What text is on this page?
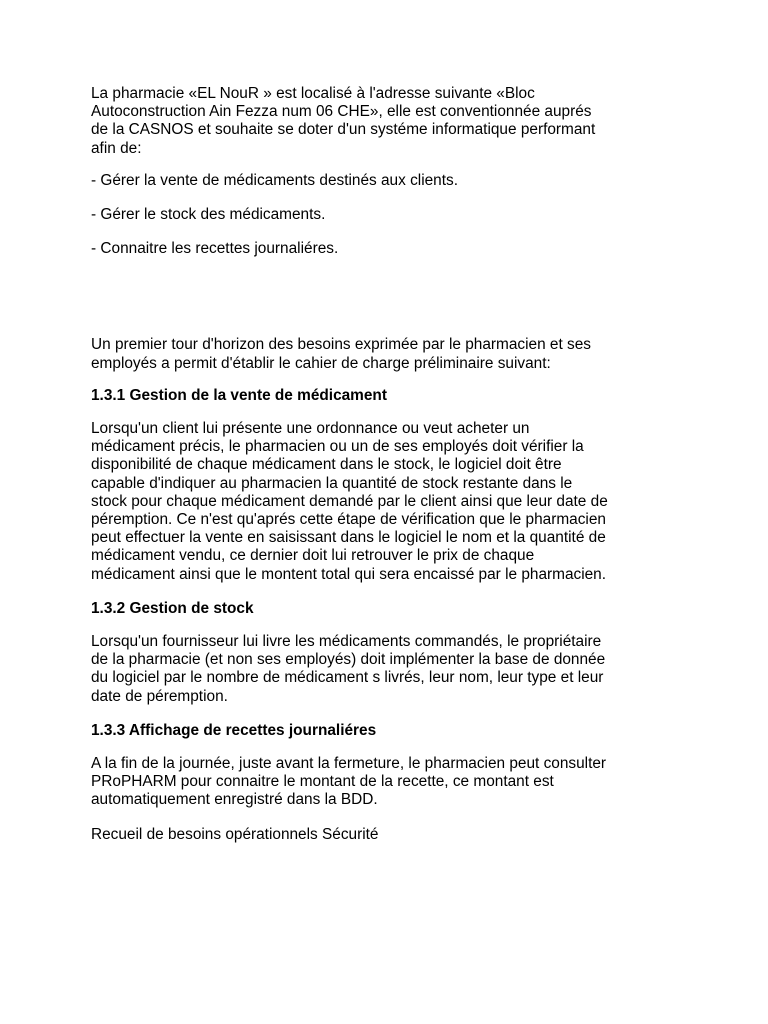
La pharmacie «EL NouR » est localisé à l'adresse suivante «Bloc
Autoconstruction Ain Fezza num 06 CHE», elle est conventionnée auprés
de la CASNOS et souhaite se doter d'un systéme informatique performant
afin de:

- Gérer la vente de médicaments destinés aux clients.

- Gérer le stock des médicaments.

- Connaitre les recettes journaliéres.

Un premier tour d'horizon des besoins exprimée par le pharmacien et ses
employés a permit d'établir le cahier de charge préliminaire suivant:

1.3.1 Gestion de la vente de médicament

Lorsqu'un client lui présente une ordonnance ou veut acheter un
médicament précis, le pharmacien ou un de ses employés doit vérifier la
disponibilité de chaque médicament dans le stock, le logiciel doit être
capable d'indiquer au pharmacien la quantité de stock restante dans le
stock pour chaque médicament demandé par le client ainsi que leur date de
péremption. Ce n'est qu'aprés cette étape de vérification que le pharmacien
peut effectuer la vente en saisissant dans le logiciel le nom et la quantité de
médicament vendu, ce dernier doit lui retrouver le prix de chaque
médicament ainsi que le montent total qui sera encaissé par le pharmacien.

1.3.2 Gestion de stock

Lorsqu'un fournisseur lui livre les médicaments commandés, le propriétaire
de la pharmacie (et non ses employés) doit implémenter la base de donnée
du logiciel par le nombre de médicament s livrés, leur nom, leur type et leur
date de péremption.

1.3.3 Affichage de recettes journaliéres

A la fin de la journée, juste avant la fermeture, le pharmacien peut consulter
PRoPHARM pour connaitre le montant de la recette, ce montant est
automatiquement enregistré dans la BDD.

Recueil de besoins opérationnels Sécurité
